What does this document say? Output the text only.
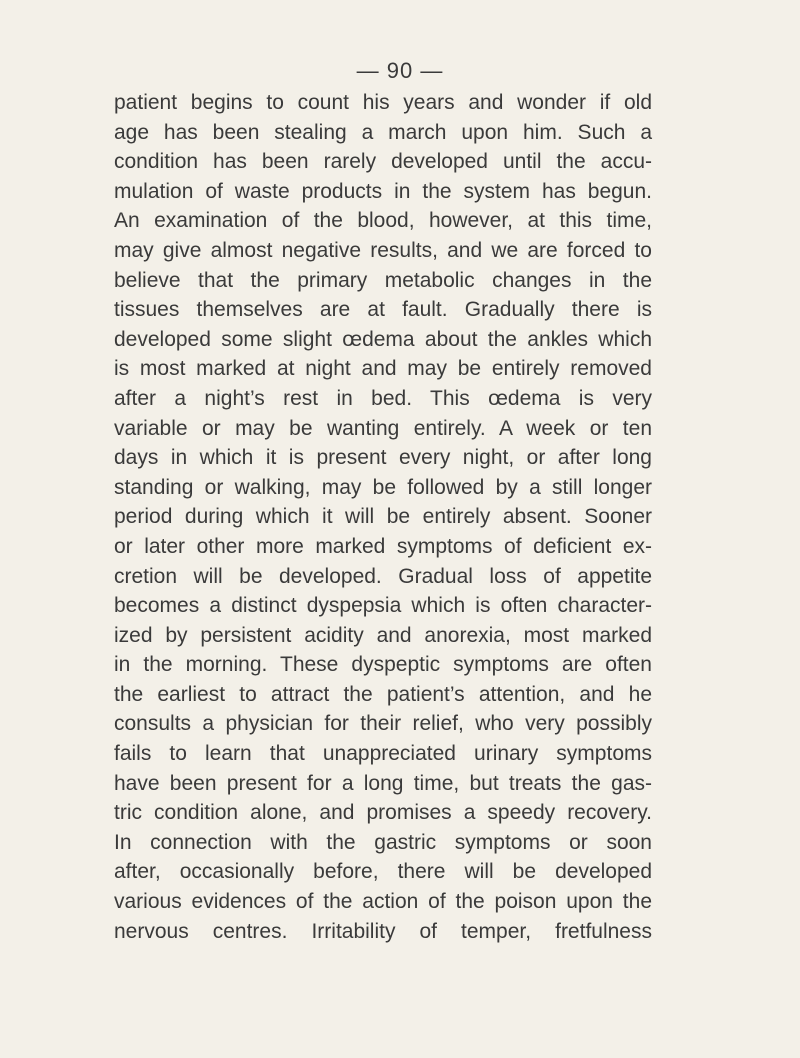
— 90 —
patient begins to count his years and wonder if old
age has been stealing a march upon him. Such a
condition has been rarely developed until the accu-
mulation of waste products in the system has begun.
An examination of the blood, however, at this time,
may give almost negative results, and we are forced to
believe that the primary metabolic changes in the
tissues themselves are at fault. Gradually there is
developed some slight œdema about the ankles which
is most marked at night and may be entirely removed
after a night’s rest in bed. This œdema is very
variable or may be wanting entirely. A week or ten
days in which it is present every night, or after long
standing or walking, may be followed by a still longer
period during which it will be entirely absent. Sooner
or later other more marked symptoms of deficient ex-
cretion will be developed. Gradual loss of appetite
becomes a distinct dyspepsia which is often character-
ized by persistent acidity and anorexia, most marked
in the morning. These dyspeptic symptoms are often
the earliest to attract the patient’s attention, and he
consults a physician for their relief, who very possibly
fails to learn that unappreciated urinary symptoms
have been present for a long time, but treats the gas-
tric condition alone, and promises a speedy recovery.
In connection with the gastric symptoms or soon
after, occasionally before, there will be developed
various evidences of the action of the poison upon the
nervous centres. Irritability of temper, fretfulness
